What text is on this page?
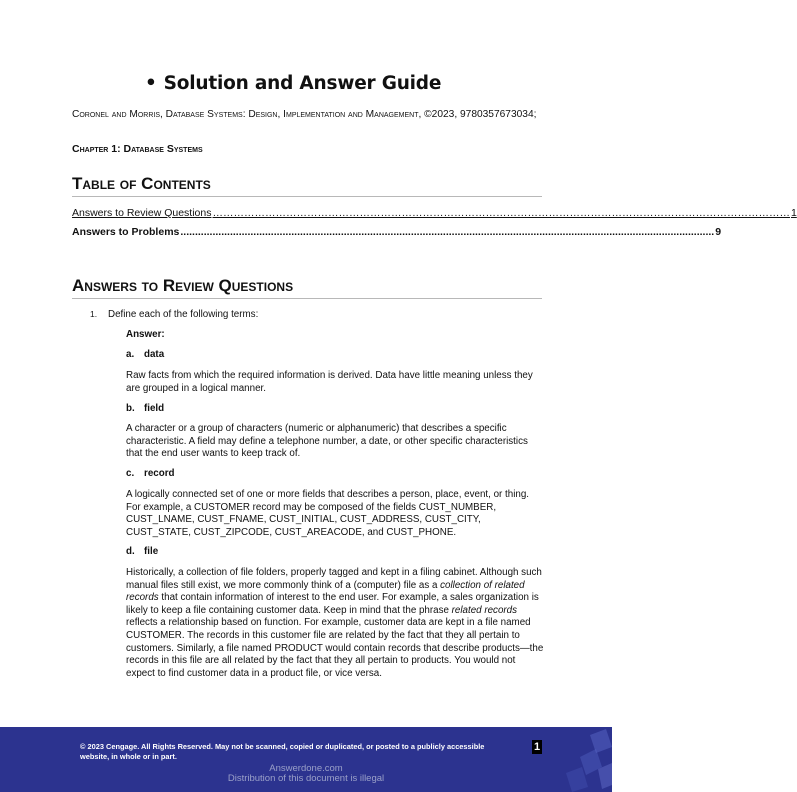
• Solution and Answer Guide
Coronel and Morris, Database Systems: Design, Implementation and Management, ©2023, 9780357673034;
Chapter 1: Database Systems
Table of Contents
Answers to Review Questions ………………………………………………………………………………………………………………………………………………… 1
Answers to Problems ....................................................................................................................................................................................... 9
Answers to Review Questions
1. Define each of the following terms:
Answer:
a. data
Raw facts from which the required information is derived. Data have little meaning unless they are grouped in a logical manner.
b. field
A character or a group of characters (numeric or alphanumeric) that describes a specific characteristic. A field may define a telephone number, a date, or other specific characteristics that the end user wants to keep track of.
c. record
A logically connected set of one or more fields that describes a person, place, event, or thing. For example, a CUSTOMER record may be composed of the fields CUST_NUMBER, CUST_LNAME, CUST_FNAME, CUST_INITIAL, CUST_ADDRESS, CUST_CITY, CUST_STATE, CUST_ZIPCODE, CUST_AREACODE, and CUST_PHONE.
d. file
Historically, a collection of file folders, properly tagged and kept in a filing cabinet. Although such manual files still exist, we more commonly think of a (computer) file as a collection of related records that contain information of interest to the end user. For example, a sales organization is likely to keep a file containing customer data. Keep in mind that the phrase related records reflects a relationship based on function. For example, customer data are kept in a file named CUSTOMER. The records in this customer file are related by the fact that they all pertain to customers. Similarly, a file named PRODUCT would contain records that describe products—the records in this file are all related by the fact that they all pertain to products. You would not expect to find customer data in a product file, or vice versa.
© 2023 Cengage. All Rights Reserved. May not be scanned, copied or duplicated, or posted to a publicly accessible website, in whole or in part.
1
Answerdone.com
Distribution of this document is illegal
